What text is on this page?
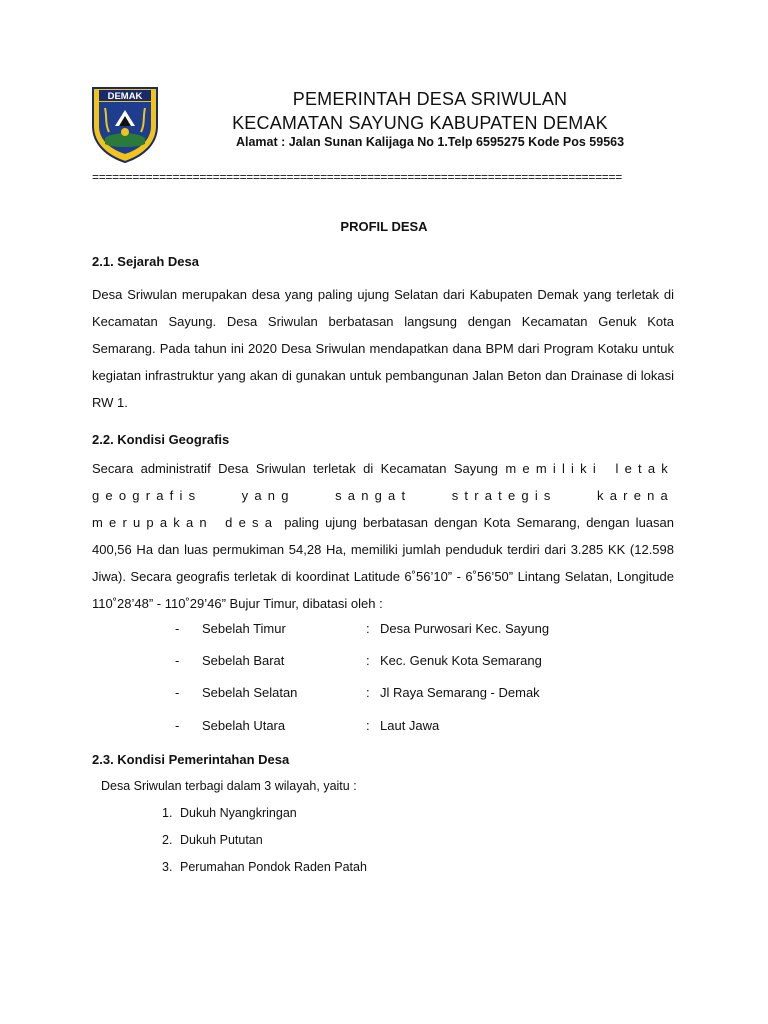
DEMAK	PEMERINTAH DESA SRIWULAN
KECAMATAN SAYUNG KABUPATEN DEMAK
Alamat : Jalan Sunan Kalijaga No 1.Telp 6595275 Kode Pos 59563
===============================================================================
PROFIL DESA
2.1. Sejarah Desa
Desa Sriwulan merupakan desa yang paling ujung Selatan dari Kabupaten Demak yang terletak di Kecamatan Sayung. Desa Sriwulan berbatasan langsung dengan Kecamatan Genuk Kota Semarang. Pada tahun ini 2020 Desa Sriwulan mendapatkan dana BPM dari Program Kotaku untuk kegiatan infrastruktur yang akan di gunakan untuk pembangunan Jalan Beton dan Drainase di lokasi RW 1.
2.2. Kondisi Geografis
Secara administratif Desa Sriwulan terletak di Kecamatan Sayung memiliki letak geografis yang sangat strategis karena merupakan desa paling ujung berbatasan dengan Kota Semarang, dengan luasan 400,56 Ha dan luas permukiman 54,28 Ha, memiliki jumlah penduduk terdiri dari 3.285 KK (12.598 Jiwa). Secara geografis terletak di koordinat Latitude 6˚56’10” - 6˚56’50” Lintang Selatan, Longitude 110˚28’48” - 110˚29’46” Bujur Timur, dibatasi oleh :
- Sebelah Timur	: Desa Purwosari Kec. Sayung
- Sebelah Barat	: Kec. Genuk Kota Semarang
- Sebelah Selatan	: Jl Raya Semarang - Demak
- Sebelah Utara	: Laut Jawa
2.3. Kondisi Pemerintahan Desa
Desa Sriwulan terbagi dalam 3 wilayah, yaitu :
1. Dukuh Nyangkringan
2. Dukuh Pututan
3. Perumahan Pondok Raden Patah
